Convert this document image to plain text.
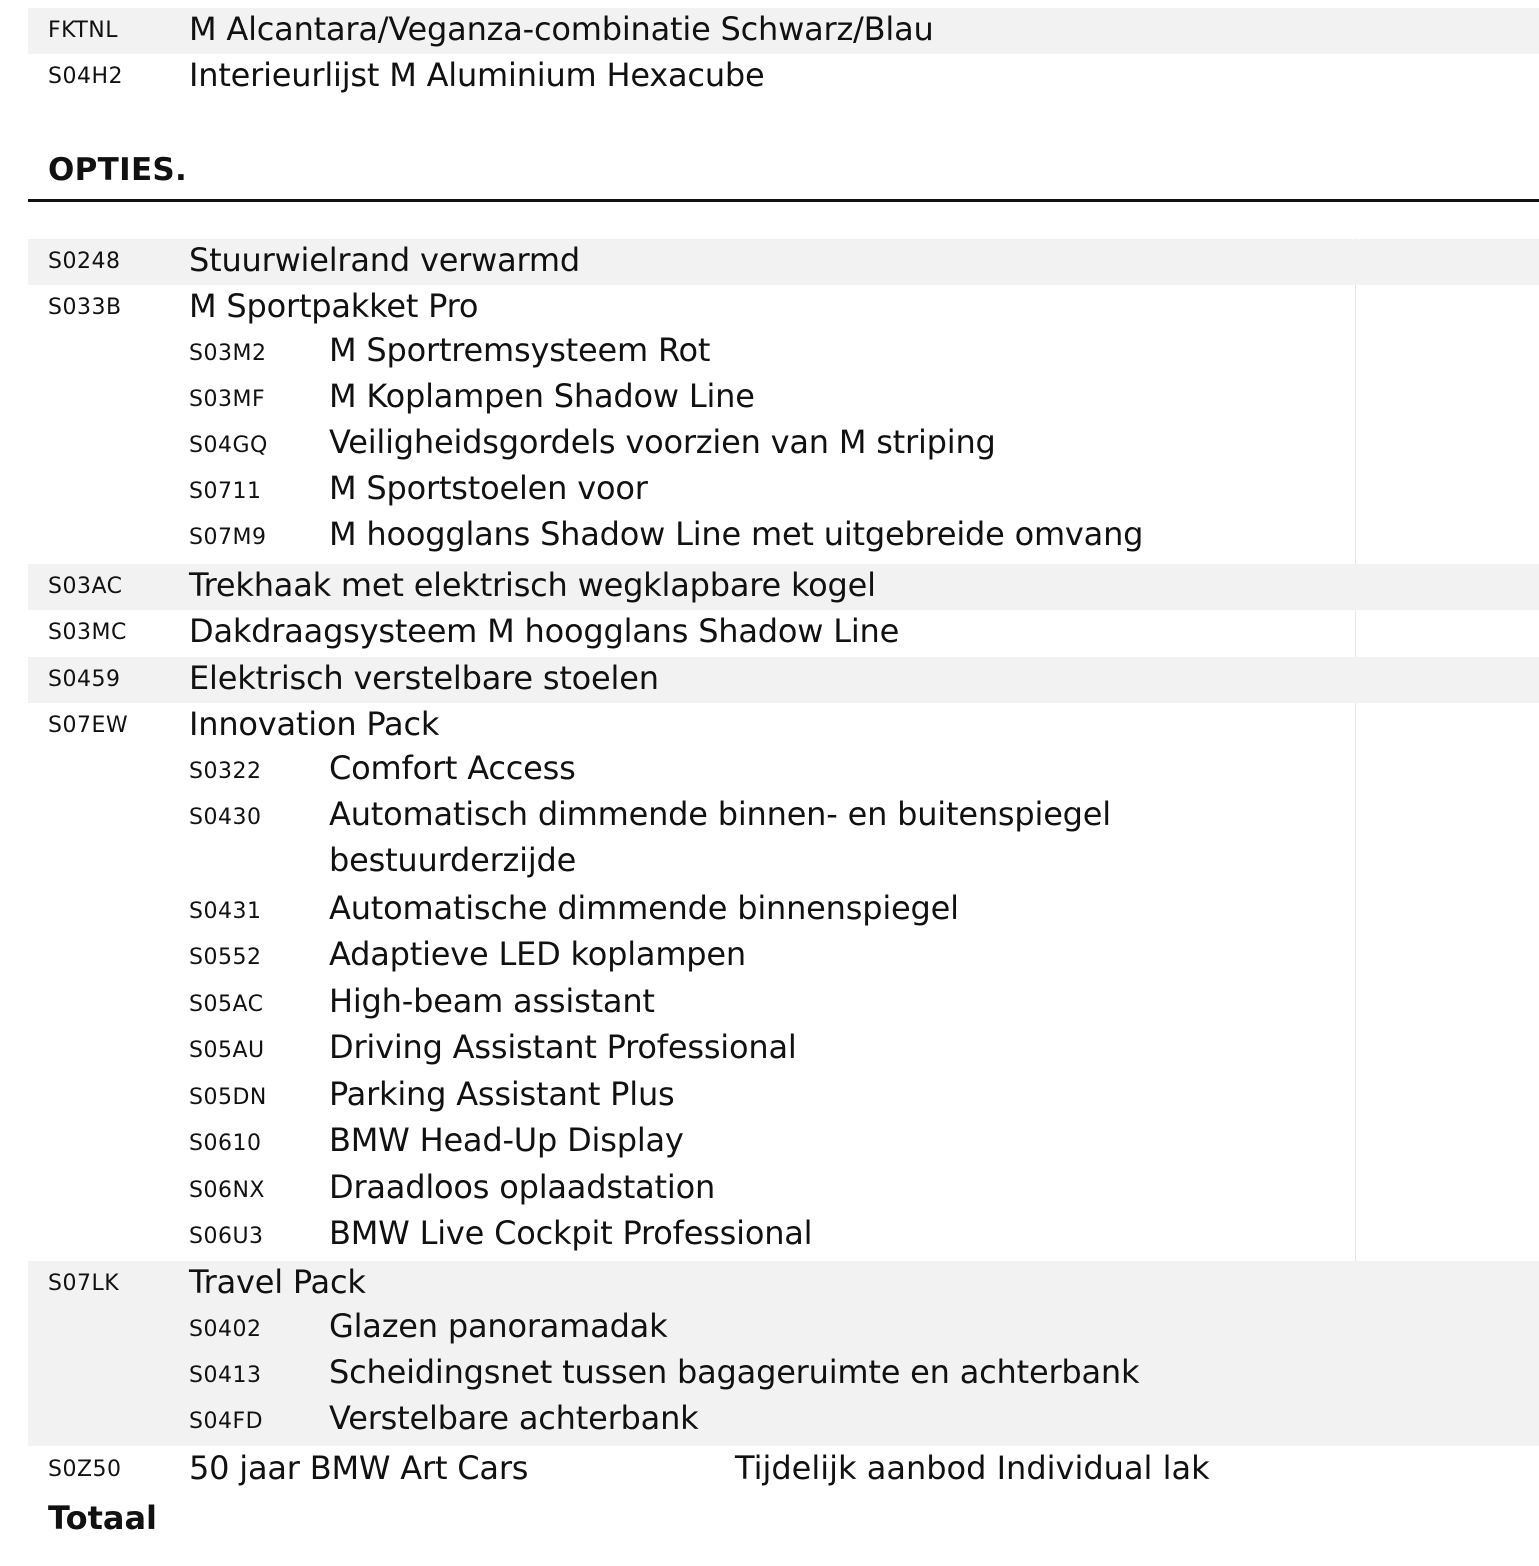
FKTNL M Alcantara/Veganza-combinatie Schwarz/Blau
S04H2 Interieurlijst M Aluminium Hexacube
OPTIES.
S0248 Stuurwielrand verwarmd
S033B M Sportpakket Pro
S03M2 M Sportremsysteem Rot
S03MF M Koplampen Shadow Line
S04GQ Veiligheidsgordels voorzien van M striping
S0711 M Sportstoelen voor
S07M9 M hoogglans Shadow Line met uitgebreide omvang
S03AC Trekhaak met elektrisch wegklapbare kogel
S03MC Dakdraagsysteem M hoogglans Shadow Line
S0459 Elektrisch verstelbare stoelen
S07EW Innovation Pack
S0322 Comfort Access
S0430 Automatisch dimmende binnen- en buitenspiegel bestuurderzijde
S0431 Automatische dimmende binnenspiegel
S0552 Adaptieve LED koplampen
S05AC High-beam assistant
S05AU Driving Assistant Professional
S05DN Parking Assistant Plus
S0610 BMW Head-Up Display
S06NX Draadloos oplaadstation
S06U3 BMW Live Cockpit Professional
S07LK Travel Pack
S0402 Glazen panoramadak
S0413 Scheidingsnet tussen bagageruimte en achterbank
S04FD Verstelbare achterbank
S0Z50 50 jaar BMW Art Cars	Tijdelijk aanbod Individual lak
Totaal
